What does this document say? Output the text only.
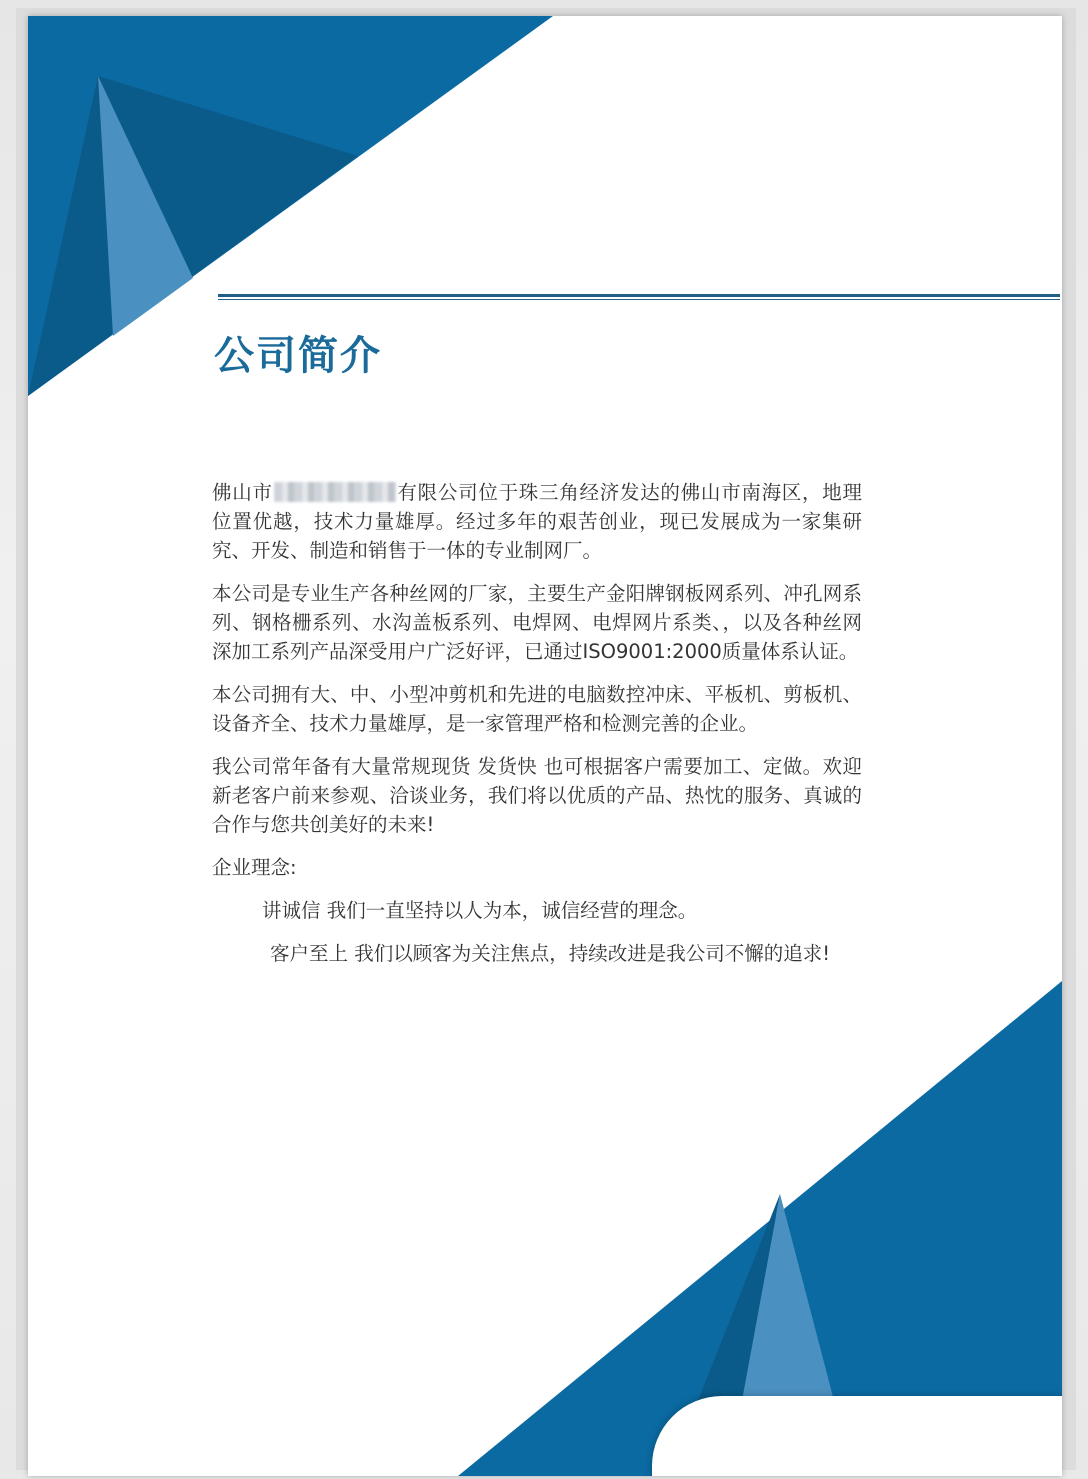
公司简介

佛山市	有限公司位于珠三角经济发达的佛山市南海区，地理位置优越，技术力量雄厚。经过多年的艰苦创业，现已发展成为一家集研究、开发、制造和销售于一体的专业制网厂。

本公司是专业生产各种丝网的厂家，主要生产金阳牌钢板网系列、冲孔网系列、钢格栅系列、水沟盖板系列、电焊网、电焊网片系类、，以及各种丝网深加工系列产品深受用户广泛好评，已通过ISO9001:2000质量体系认证。

本公司拥有大、中、小型冲剪机和先进的电脑数控冲床、平板机、剪板机、设备齐全、技术力量雄厚，是一家管理严格和检测完善的企业。

我公司常年备有大量常规现货 发货快 也可根据客户需要加工、定做。欢迎新老客户前来参观、洽谈业务，我们将以优质的产品、热忱的服务、真诚的合作与您共创美好的未来!

企业理念:

讲诚信 我们一直坚持以人为本，诚信经营的理念。

客户至上 我们以顾客为关注焦点，持续改进是我公司不懈的追求!
